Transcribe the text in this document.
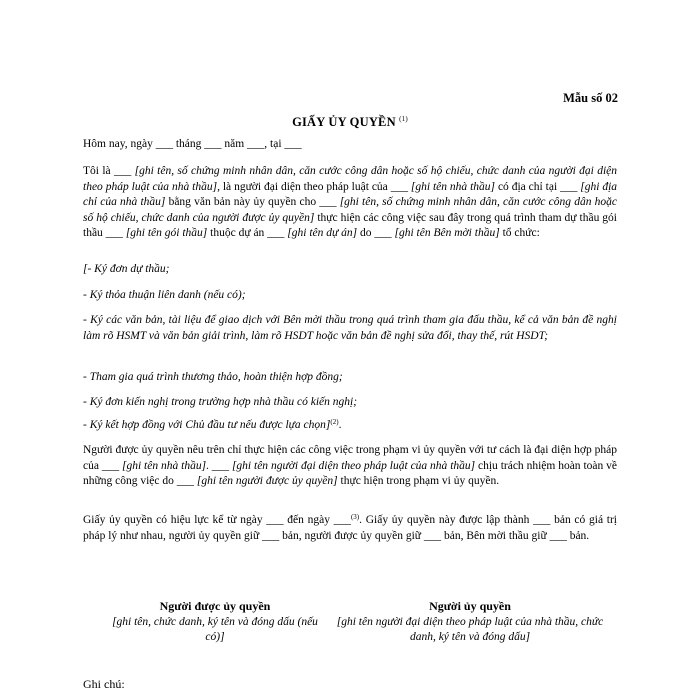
Mẫu số 02
GIẤY ỦY QUYỀN $^{(1)}$
Hôm nay, ngày ___ tháng ___ năm ___, tại ___
Tôi là ___ [ghi tên, số chứng minh nhân dân, căn cước công dân hoặc số hộ chiếu, chức danh của người đại diện theo pháp luật của nhà thầu], là người đại diện theo pháp luật của ___ [ghi tên nhà thầu] có địa chỉ tại ___ [ghi địa chỉ của nhà thầu] bằng văn bản này ủy quyền cho ___ [ghi tên, số chứng minh nhân dân, căn cước công dân hoặc số hộ chiếu, chức danh của người được ủy quyền] thực hiện các công việc sau đây trong quá trình tham dự thầu gói thầu ___ [ghi tên gói thầu] thuộc dự án ___ [ghi tên dự án] do ___ [ghi tên Bên mời thầu] tổ chức:
[- Ký đơn dự thầu;
- Ký thỏa thuận liên danh (nếu có);
- Ký các văn bản, tài liệu để giao dịch với Bên mời thầu trong quá trình tham gia đấu thầu, kể cả văn bản đề nghị làm rõ HSMT và văn bản giải trình, làm rõ HSDT hoặc văn bản đề nghị sửa đổi, thay thế, rút HSDT;
- Tham gia quá trình thương thảo, hoàn thiện hợp đồng;
- Ký đơn kiến nghị trong trường hợp nhà thầu có kiến nghị;
- Ký kết hợp đồng với Chủ đầu tư nếu được lựa chọn]$^{(2)}$.
Người được ủy quyền nêu trên chỉ thực hiện các công việc trong phạm vi ủy quyền với tư cách là đại diện hợp pháp của ___ [ghi tên nhà thầu]. ___ [ghi tên người đại diện theo pháp luật của nhà thầu] chịu trách nhiệm hoàn toàn về những công việc do ___ [ghi tên người được ủy quyền] thực hiện trong phạm vi ủy quyền.
Giấy ủy quyền có hiệu lực kể từ ngày ___ đến ngày ___$^{(3)}$. Giấy ủy quyền này được lập thành ___ bản có giá trị pháp lý như nhau, người ủy quyền giữ ___ bản, người được ủy quyền giữ ___ bản, Bên mời thầu giữ ___ bản.
Người được ủy quyền
[ghi tên, chức danh, ký tên và đóng dấu (nếu có)]
Người ủy quyền
[ghi tên người đại diện theo pháp luật của nhà thầu, chức danh, ký tên và đóng dấu]
Ghi chú:
